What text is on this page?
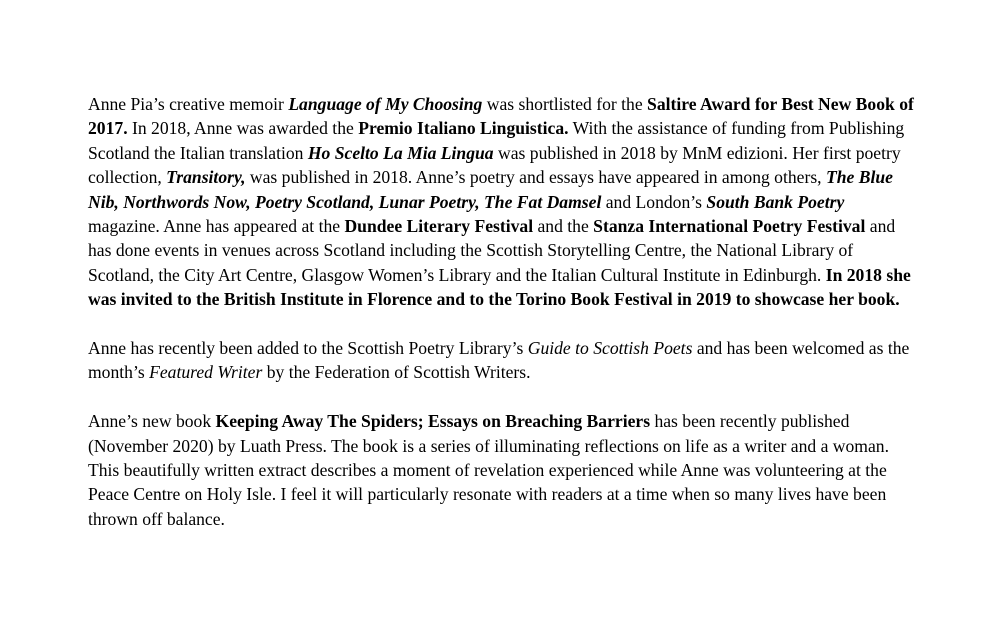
Anne Pia’s creative memoir Language of My Choosing was shortlisted for the Saltire Award for Best New Book of 2017. In 2018, Anne was awarded the Premio Italiano Linguistica. With the assistance of funding from Publishing Scotland the Italian translation Ho Scelto La Mia Lingua was published in 2018 by MnM edizioni. Her first poetry collection, Transitory, was published in 2018. Anne’s poetry and essays have appeared in among others, The Blue Nib, Northwords Now, Poetry Scotland, Lunar Poetry, The Fat Damsel and London’s South Bank Poetry magazine. Anne has appeared at the Dundee Literary Festival and the Stanza International Poetry Festival and has done events in venues across Scotland including the Scottish Storytelling Centre, the National Library of Scotland, the City Art Centre, Glasgow Women’s Library and the Italian Cultural Institute in Edinburgh. In 2018 she was invited to the British Institute in Florence and to the Torino Book Festival in 2019 to showcase her book.

Anne has recently been added to the Scottish Poetry Library’s Guide to Scottish Poets and has been welcomed as the month’s Featured Writer by the Federation of Scottish Writers.

Anne’s new book Keeping Away The Spiders; Essays on Breaching Barriers has been recently published (November 2020) by Luath Press. The book is a series of illuminating reflections on life as a writer and a woman. This beautifully written extract describes a moment of revelation experienced while Anne was volunteering at the Peace Centre on Holy Isle. I feel it will particularly resonate with readers at a time when so many lives have been thrown off balance.
